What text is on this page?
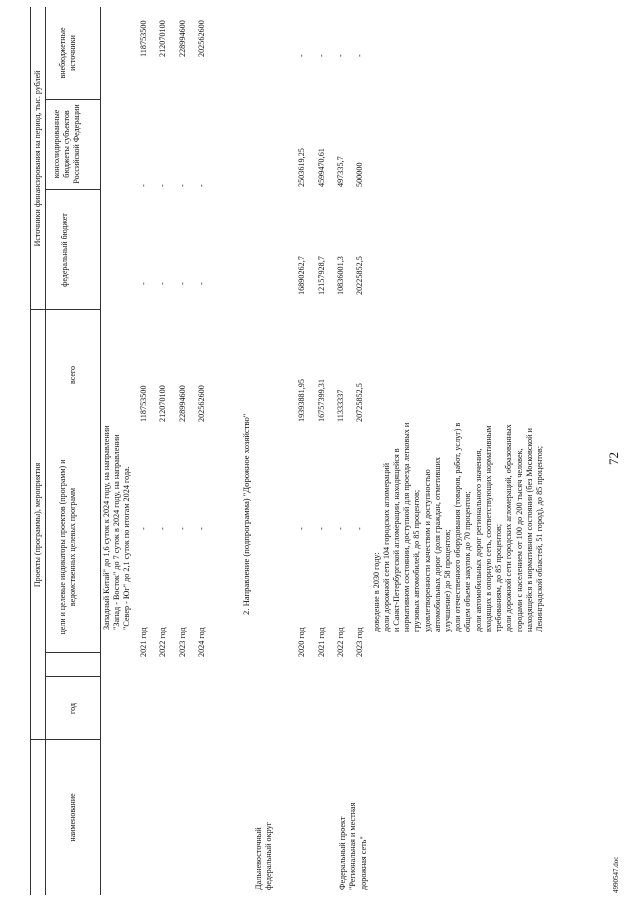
72
4990547.doc
Проекты (программы), мероприятия
Источники финансирования на период, тыс. рублей
наименование
год
цели и целевые индикаторы проектов (программ) и ведомственных целевых программ
всего
федеральный бюджет
консолидированные бюджеты субъектов Российской Федерации
внебюджетные источники
Западный Китай" до 1,6 суток к 2024 году, на направлении "Запад - Восток" до 7 суток в 2024 году, на направлении "Север - Юг" до 2,1 суток по итогам 2024 года.
2021 год
-
118753500
-
-
118753500
2022 год
-
212070100
-
-
212070100
2023 год
-
228994600
-
-
228994600
2024 год
-
202562600
-
-
202562600
Дальневосточный федеральный округ
2. Направление (подпрограмма) "Дорожное хозяйство"
Федеральный проект "Региональная и местная дорожная сеть"
2020 год
-
19393881,95
16890262,7
2503619,25
-
2021 год
-
16757399,31
12157928,7
4599470,61
-
2022 год
-
11333337
10836001,3
497335,7
-
2023 год
-
20725852,5
20225852,5
500000
-
доведение в 2030 году: доли дорожной сети 104 городских агломераций и Санкт-Петербургской агломерации, находящейся в нормативном состоянии, доступной для проезда легковых и грузовых автомобилей, до 85 процентов; удовлетворенности качеством и доступностью автомобильных дорог (доля граждан, отметивших улучшение) до 58 процентов; доли отечественного оборудования (товаров, работ, услуг) в общем объеме закупок до 70 процентов; доли автомобильных дорог регионального значения, входящих в опорную сеть, соответствующих нормативным требованиям, до 85 процентов; доли дорожной сети городских агломераций, образованных городами с населением от 100 до 200 тысяч человек, находящейся в нормативном состоянии (без Московской и Ленинградской областей, 51 город), до 85 процентов;
